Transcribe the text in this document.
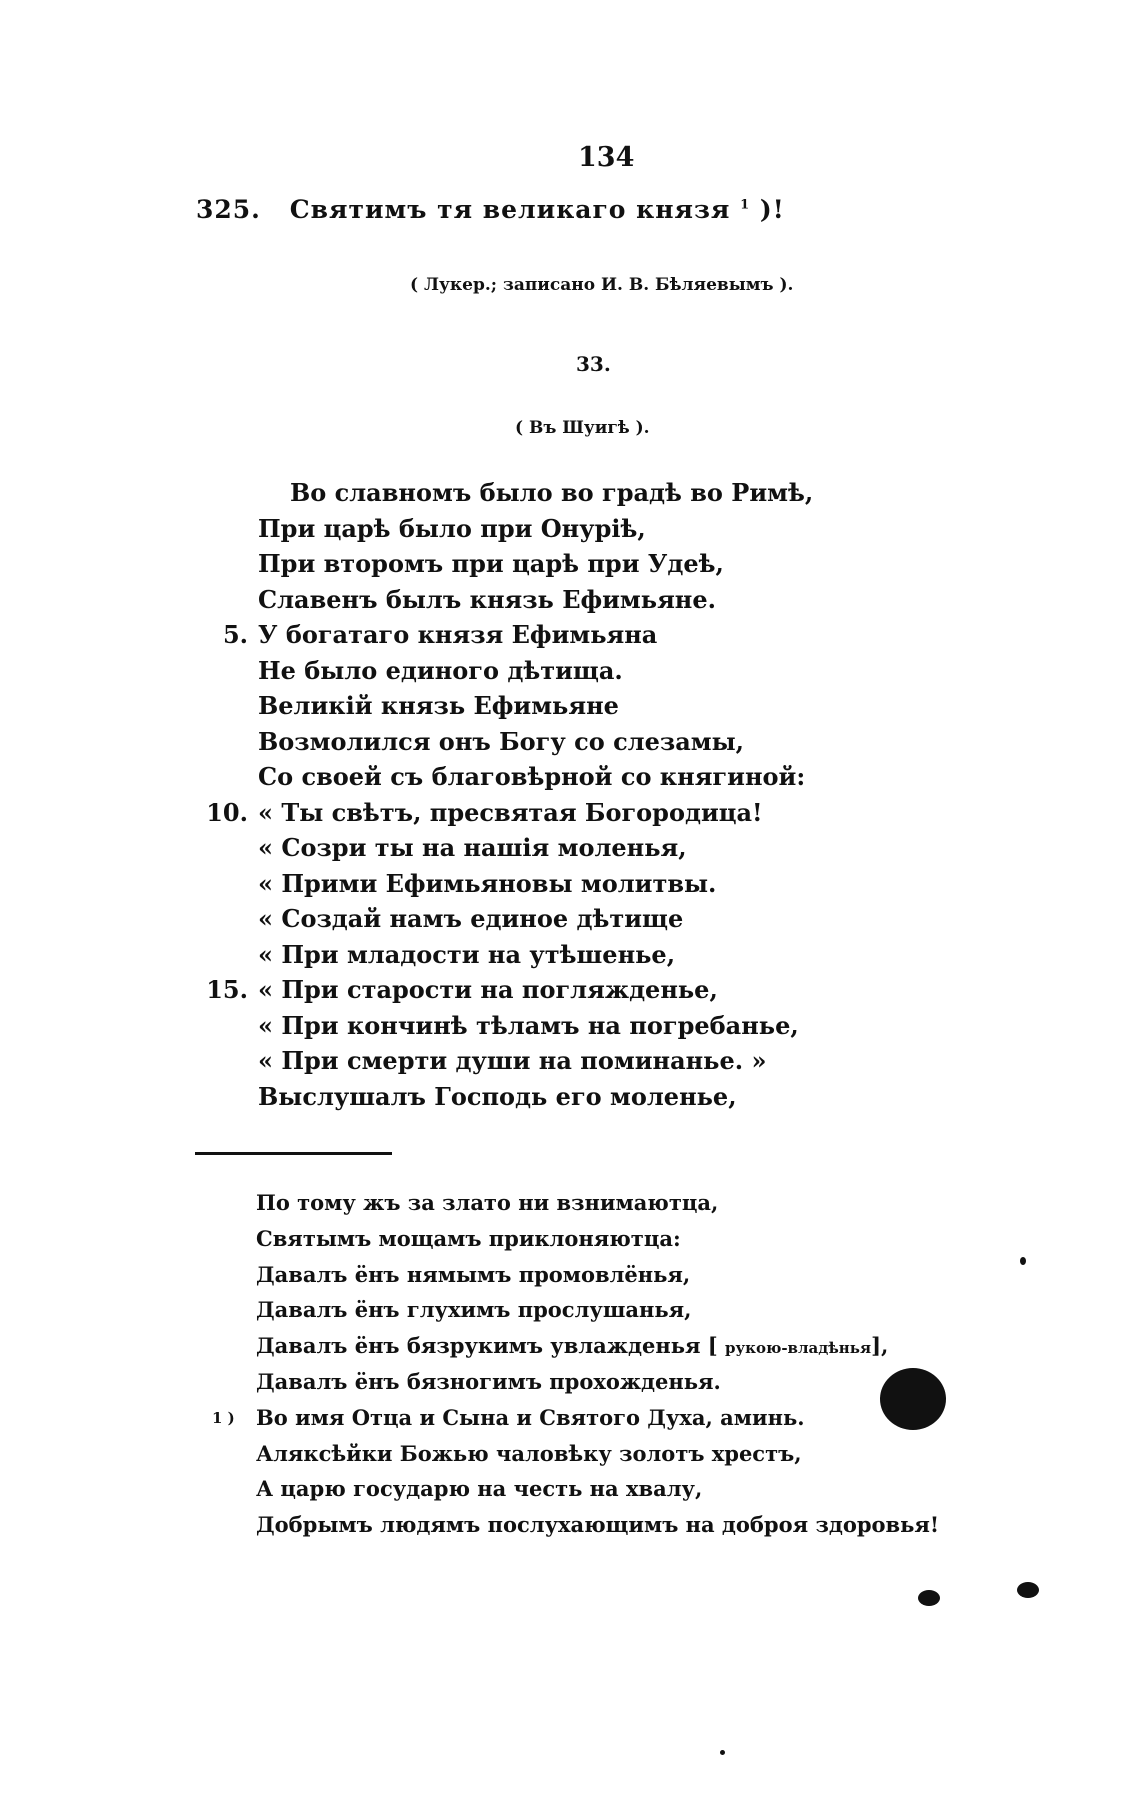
134
325. Святимъ тя великаго князя $^1$ )!
( Лукер.; записано И. В. Бѣляевымъ ).
33.
( Въ Шуигѣ ).
Во славномъ было во градѣ во Римѣ,
При царѣ было при Онурiѣ,
При второмъ при царѣ при Удеѣ,
Славенъ былъ князь Ефимьяне.
5. У богатаго князя Ефимьяна
Не было единого дѣтища.
Великiй князь Ефимьяне
Возмолился онъ Богу со слезамы,
Со своей съ благовѣрной со княгиной:
10. « Ты свѣтъ, пресвятая Богородица!
« Созри ты на нашiя моленья,
« Прими Ефимьяновы молитвы.
« Создай намъ единое дѣтище
« При младости на утѣшенье,
15. « При старости на погляжденье,
« При кончинѣ тѣламъ на погребанье,
« При смерти души на поминанье. »
Выслушалъ Господь его моленье,
По тому жъ за злато ни взнимаютца,
Святымъ мощамъ приклоняютца:
Давалъ ёнъ нямымъ промовлёнья,
Давалъ ёнъ глухимъ прослушанья,
Давалъ ёнъ бязрукимъ увлажденья [ рукою-владѣнья],
Давалъ ёнъ бязногимъ прохожденья.
1 ) Во имя Отца и Сына и Святого Духа, аминь.
Аляксѣйки Божью чаловѣку золотъ хрестъ,
А царю государю на честь на хвалу,
Добрымъ людямъ послухающимъ на доброя здоровья!
